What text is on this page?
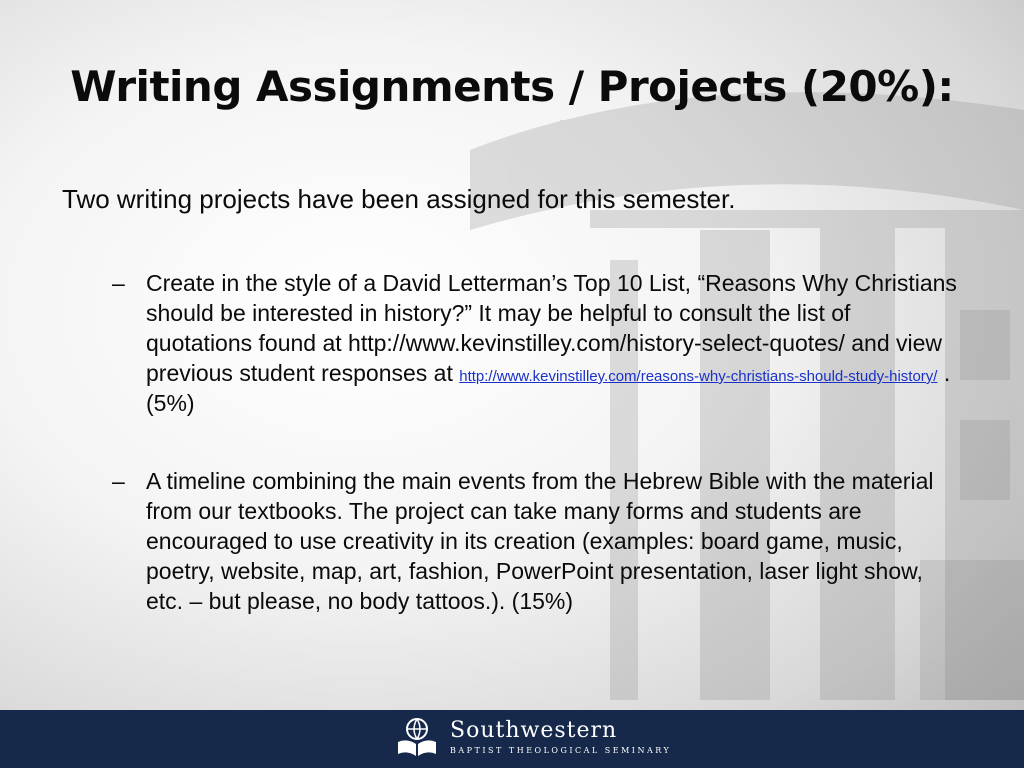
Writing Assignments / Projects (20%):

Two writing projects have been assigned for this semester.

– Create in the style of a David Letterman’s Top 10 List, “Reasons Why Christians should be interested in history?” It may be helpful to consult the list of quotations found at http://www.kevinstilley.com/history-select-quotes/ and view previous student responses at http://www.kevinstilley.com/reasons-why-christians-should-study-history/ . (5%)
– A timeline combining the main events from the Hebrew Bible with the material from our textbooks. The project can take many forms and students are encouraged to use creativity in its creation (examples: board game, music, poetry, website, map, art, fashion, PowerPoint presentation, laser light show, etc. – but please, no body tattoos.). (15%)
Southwestern
BAPTIST THEOLOGICAL SEMINARY
